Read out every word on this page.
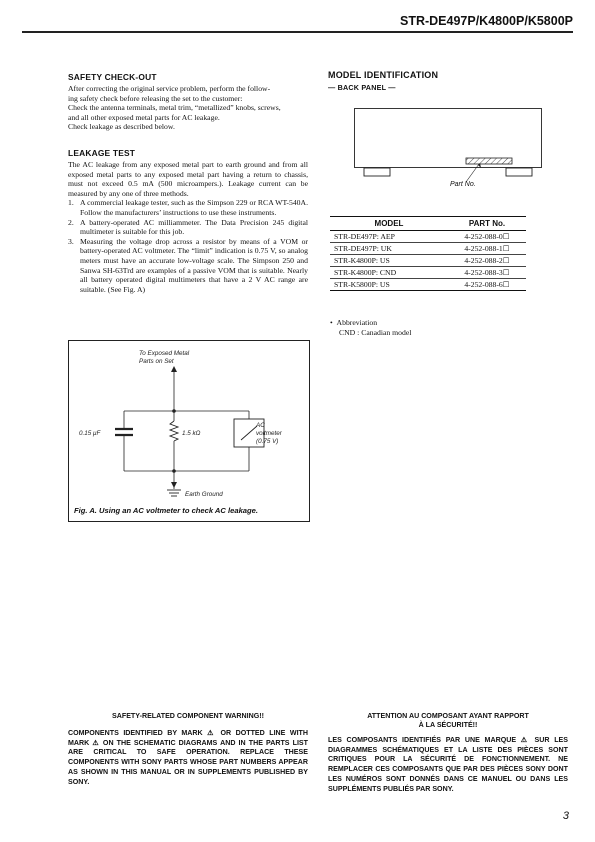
STR-DE497P/K4800P/K5800P
SAFETY CHECK-OUT

After correcting the original service problem, perform the follow-

ing safety check before releasing the set to the customer:

Check the antenna terminals, metal trim, “metallized” knobs, screws,

and all other exposed metal parts for AC leakage.

Check leakage as described below.

LEAKAGE TEST

The AC leakage from any exposed metal part to earth ground and from all exposed metal parts to any exposed metal part having a return to chassis, must not exceed 0.5 mA (500 microampers.). Leakage current can be measured by any one of three methods.

1. A commercial leakage tester, such as the Simpson 229 or RCA WT-540A. Follow the manufacturers’ instructions to use these instruments.
2. A battery-operated AC milliammeter. The Data Precision 245 digital multimeter is suitable for this job.
3. Measuring the voltage drop across a resistor by means of a VOM or battery-operated AC voltmeter. The “limit” indication is 0.75 V, so analog meters must have an accurate low-voltage scale. The Simpson 250 and Sanwa SH-63Trd are examples of a passive VOM that is suitable. Nearly all battery operated digital multimeters that have a 2 V AC range are suitable. (See Fig. A)
To Exposed Metal
Parts on Set
0.15 μF	1.5 kΩ
AC
voltmeter
(0.75 V)
Earth Ground
Fig. A. Using an AC voltmeter to check AC leakage.
MODEL IDENTIFICATION
— BACK PANEL —
Part No.
MODEL	PART No.
STR-DE497P: AEP	4-252-088-0☐
STR-DE497P: UK	4-252-088-1☐
STR-K4800P: US	4-252-088-2☐
STR-K4800P: CND	4-252-088-3☐
STR-K5800P: US	4-252-088-6☐
•  Abbreviation
CND : Canadian model
SAFETY-RELATED COMPONENT WARNING!!
COMPONENTS IDENTIFIED BY MARK ⚠ OR DOTTED LINE WITH MARK ⚠ ON THE SCHEMATIC DIAGRAMS AND IN THE PARTS LIST ARE CRITICAL TO SAFE OPERATION. REPLACE THESE COMPONENTS WITH SONY PARTS WHOSE PART NUMBERS APPEAR AS SHOWN IN THIS MANUAL OR IN SUPPLEMENTS PUBLISHED BY SONY.
ATTENTION AU COMPOSANT AYANT RAPPORT
À LA SÉCURITÉ!!
LES COMPOSANTS IDENTIFIÉS PAR UNE MARQUE ⚠ SUR LES DIAGRAMMES SCHÉMATIQUES ET LA LISTE DES PIÈCES SONT CRITIQUES POUR LA SÉCURITÉ DE FONCTIONNEMENT. NE REMPLACER CES COMPOSANTS QUE PAR DES PIÈCES SONY DONT LES NUMÉROS SONT DONNÉS DANS CE MANUEL OU DANS LES SUPPLÉMENTS PUBLIÉS PAR SONY.
3
